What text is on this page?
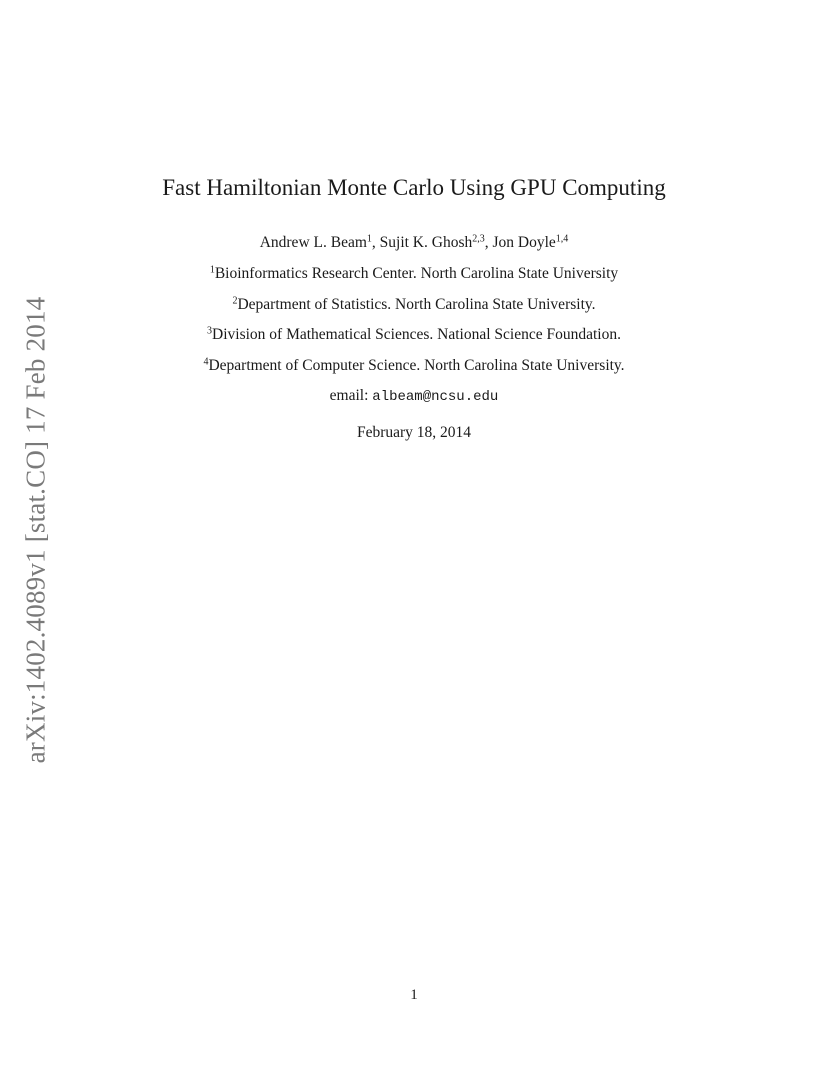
arXiv:1402.4089v1 [stat.CO] 17 Feb 2014
Fast Hamiltonian Monte Carlo Using GPU Computing
Andrew L. Beam$^1$, Sujit K. Ghosh$^{2,3}$, Jon Doyle$^{1,4}$
$^1$Bioinformatics Research Center. North Carolina State University
$^2$Department of Statistics. North Carolina State University.
$^3$Division of Mathematical Sciences. National Science Foundation.
$^4$Department of Computer Science. North Carolina State University.
email: albeam@ncsu.edu
February 18, 2014
1
